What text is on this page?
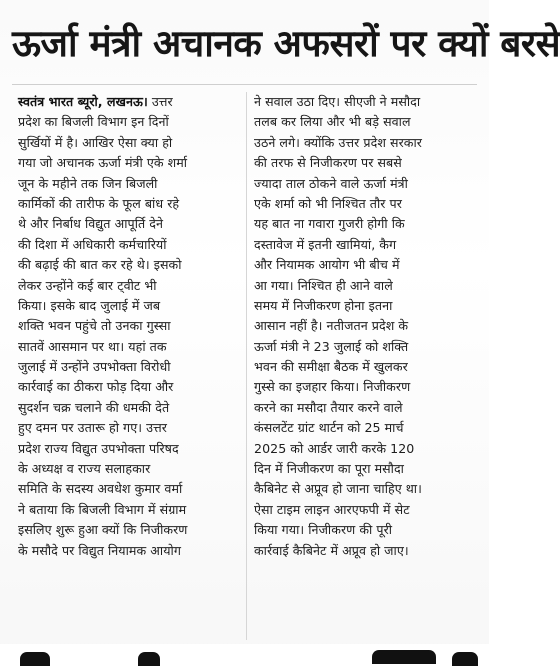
ऊर्जा मंत्री अचानक अफसरों पर क्यों बरसे
स्वतंत्र भारत ब्यूरो, लखनऊ। उत्तर
प्रदेश का बिजली विभाग इन दिनों
सुर्खियों में है। आखिर ऐसा क्या हो
गया जो अचानक ऊर्जा मंत्री एके शर्मा
जून के महीने तक जिन बिजली
कार्मिकों की तारीफ के फूल बांध रहे
थे और निर्बाध विद्युत आपूर्ति देने
की दिशा में अधिकारी कर्मचारियों
की बढ़ाई की बात कर रहे थे। इसको
लेकर उन्होंने कई बार ट्वीट भी
किया। इसके बाद जुलाई में जब
शक्ति भवन पहुंचे तो उनका गुस्सा
सातवें आसमान पर था। यहां तक
जुलाई में उन्होंने उपभोक्ता विरोधी
कार्रवाई का ठीकरा फोड़ दिया और
सुदर्शन चक्र चलाने की धमकी देते
हुए दमन पर उतारू हो गए। उत्तर
प्रदेश राज्य विद्युत उपभोक्ता परिषद
के अध्यक्ष व राज्य सलाहकार
समिति के सदस्य अवधेश कुमार वर्मा
ने बताया कि बिजली विभाग में संग्राम
इसलिए शुरू हुआ क्यों कि निजीकरण
के मसौदे पर विद्युत नियामक आयोग
ने सवाल उठा दिए। सीएजी ने मसौदा
तलब कर लिया और भी बड़े सवाल
उठने लगे। क्योंकि उत्तर प्रदेश सरकार
की तरफ से निजीकरण पर सबसे
ज्यादा ताल ठोकने वाले ऊर्जा मंत्री
एके शर्मा को भी निश्चित तौर पर
यह बात ना गवारा गुजरी होगी कि
दस्तावेज में इतनी खामियां, कैग
और नियामक आयोग भी बीच में
आ गया। निश्चित ही आने वाले
समय में निजीकरण होना इतना
आसान नहीं है। नतीजतन प्रदेश के
ऊर्जा मंत्री ने 23 जुलाई को शक्ति
भवन की समीक्षा बैठक में खुलकर
गुस्से का इजहार किया। निजीकरण
करने का मसौदा तैयार करने वाले
कंसलटेंट ग्रांट थार्टन को 25 मार्च
2025 को आर्डर जारी करके 120
दिन में निजीकरण का पूरा मसौदा
कैबिनेट से अप्रूव हो जाना चाहिए था।
ऐसा टाइम लाइन आरएफपी में सेट
किया गया। निजीकरण की पूरी
कार्रवाई कैबिनेट में अप्रूव हो जाए।
